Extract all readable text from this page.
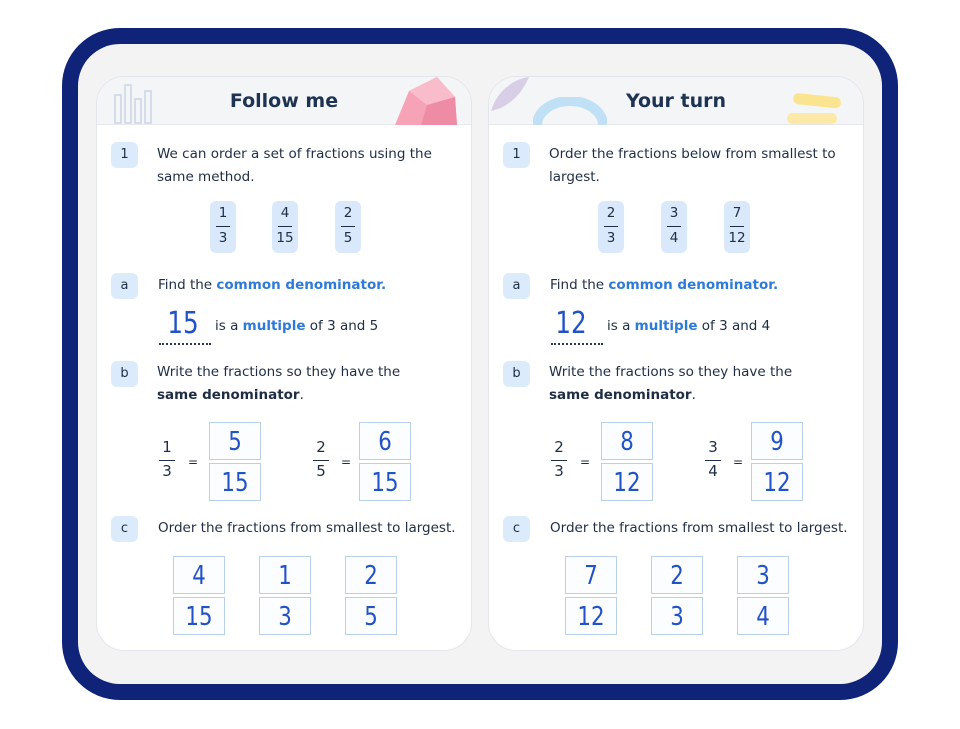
Follow me
1	We can order a set of fractions using the
same method.
1
3
4
15
2
5
a	Find the common denominator.
15	is a multiple of 3 and 5
b	Write the fractions so they have the
same denominator.
1
3	=
5
15
2
5	=
6
15
c	Order the fractions from smallest to largest.
4
15
1
3
2
5
Your turn
1	Order the fractions below from smallest to
largest.
2
3
3
4
7
12
a	Find the common denominator.
12	is a multiple of 3 and 4
b	Write the fractions so they have the
same denominator.
2
3	=
8
12
3
4	=
9
12
c	Order the fractions from smallest to largest.
7
12
2
3
3
4
